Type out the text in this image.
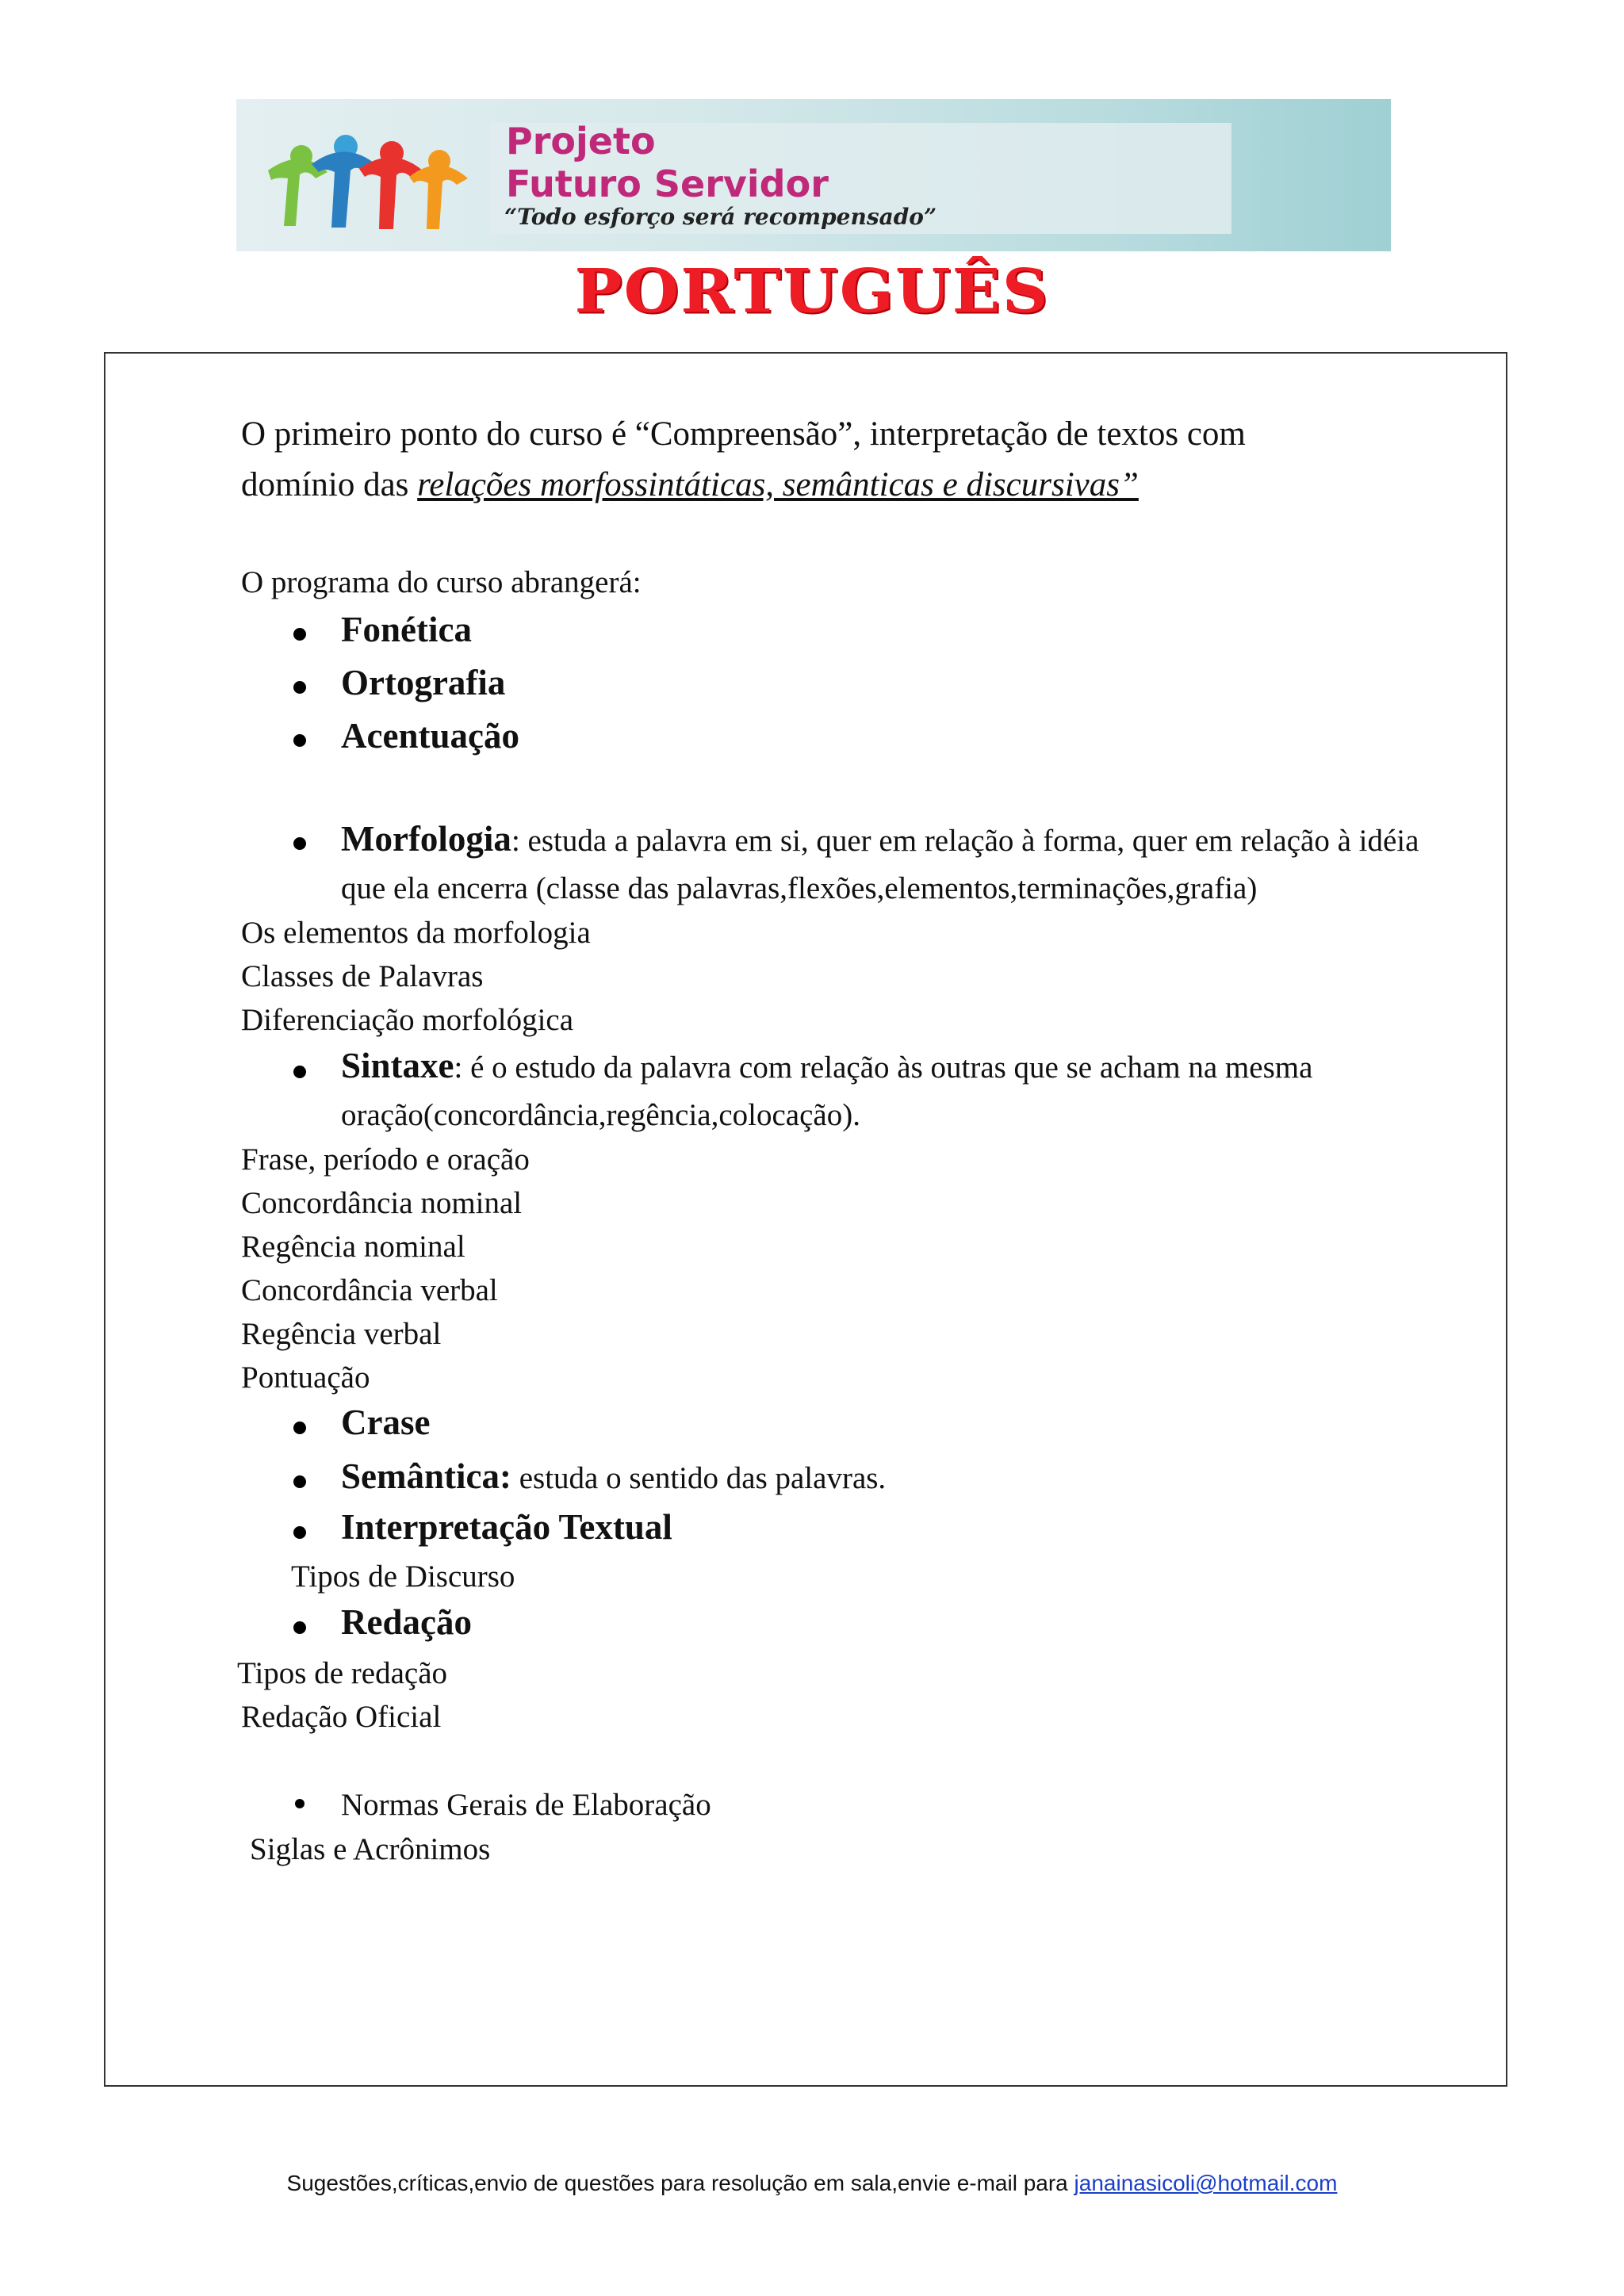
Projeto
Futuro Servidor
“Todo esforço será recompensado”
PORTUGUÊS
O primeiro ponto do curso é “Compreensão”, interpretação de textos com
domínio das relações morfossintáticas, semânticas e discursivas”
O programa do curso abrangerá:
Fonética
Ortografia
Acentuação
Morfologia: estuda a palavra em si, quer em relação à forma, quer em relação à idéia
que ela encerra (classe das palavras,flexões,elementos,terminações,grafia)
Os elementos da morfologia
Classes de Palavras
Diferenciação morfológica
Sintaxe: é o estudo da palavra com relação às outras que se acham na mesma
oração(concordância,regência,colocação).
Frase, período e oração
Concordância nominal
Regência nominal
Concordância verbal
Regência verbal
Pontuação
Crase
Semântica: estuda o sentido das palavras.
Interpretação Textual
Tipos de Discurso
Redação
Tipos de redação
Redação Oficial
Normas Gerais de Elaboração
Siglas e Acrônimos
Sugestões,críticas,envio de questões para resolução em sala,envie e-mail para janainasicoli@hotmail.com
